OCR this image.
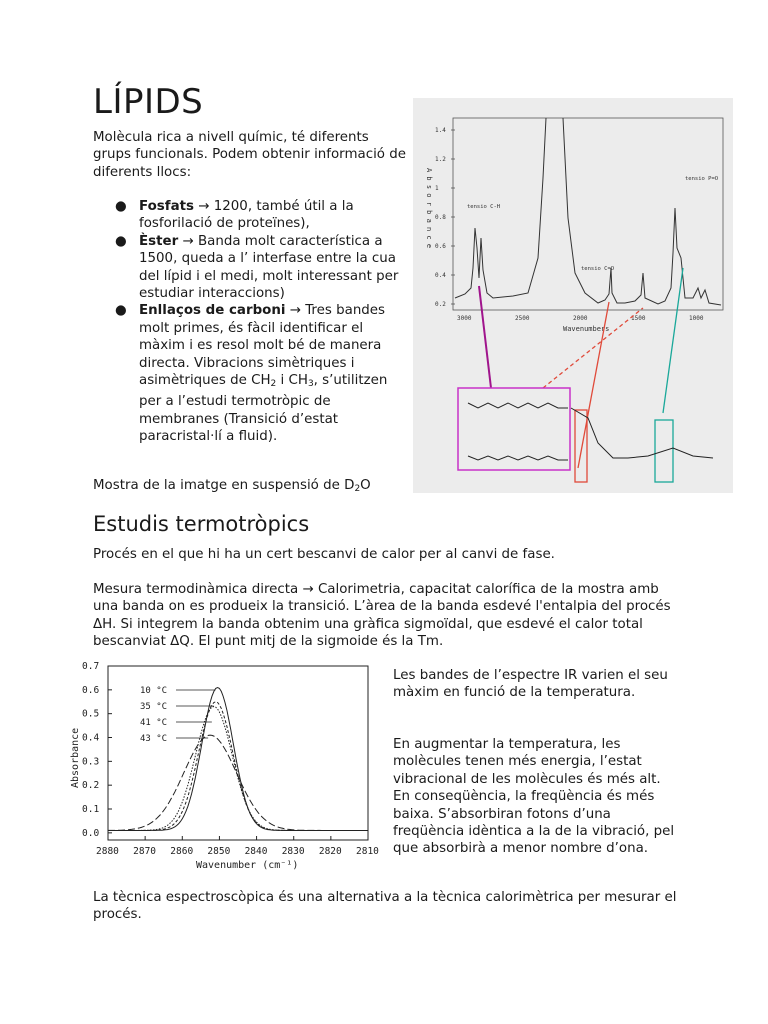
LÍPIDS

Molècula rica a nivell químic, té diferents grups funcionals. Podem obtenir informació de diferents llocs:

● Fosfats → 1200, també útil a la fosforilació de proteïnes),
● Èster → Banda molt característica a 1500, queda a l’ interfase entre la cua del lípid i el medi, molt interessant per estudiar interaccions)
● Enllaços de carboni → Tres bandes molt primes, és fàcil identificar el màxim i es resol molt bé de manera directa. Vibracions simètriques i asimètriques de $CH_2$ i $CH_3$, s’utilitzen per a l’estudi termotròpic de membranes (Transició d’estat paracristal·lí a fluid).

Mostra de la imatge en suspensió de $D_2O$

1.4
1.2
1
0.8
0.6
0.4
0.2
A b s o r b a n c e
3000	2500	2000	1500	1000
Wavenumbers
tensio C-H
tensio C=O
tensio P=O
Estudis termotròpics

Procés en el que hi ha un cert bescanvi de calor per al canvi de fase.

Mesura termodinàmica directa → Calorimetria, capacitat calorífica de la mostra amb una banda on es produeix la transició. L’àrea de la banda esdevé l'entalpia del procés ΔH. Si integrem la banda obtenim una gràfica sigmoïdal, que esdevé el calor total bescanviat ΔQ. El punt mitj de la sigmoide és la Tm.

Absorbance
Wavenumber (cm⁻¹)
0.0
0.1
0.2
0.3
0.4
0.5
0.6
0.7
2880 2870 2860 2850 2840 2830 2820 2810
10 °C
35 °C
41 °C
43 °C

Les bandes de l’espectre IR varien el seu màxim en funció de la temperatura.

En augmentar la temperatura, les molècules tenen més energia, l’estat vibracional de les molècules és més alt. En conseqüència, la freqüència és més baixa. S’absorbiran fotons d’una freqüència idèntica a la de la vibració, pel que absorbirà a menor nombre d’ona.

La tècnica espectroscòpica és una alternativa a la tècnica calorimètrica per mesurar el procés.
